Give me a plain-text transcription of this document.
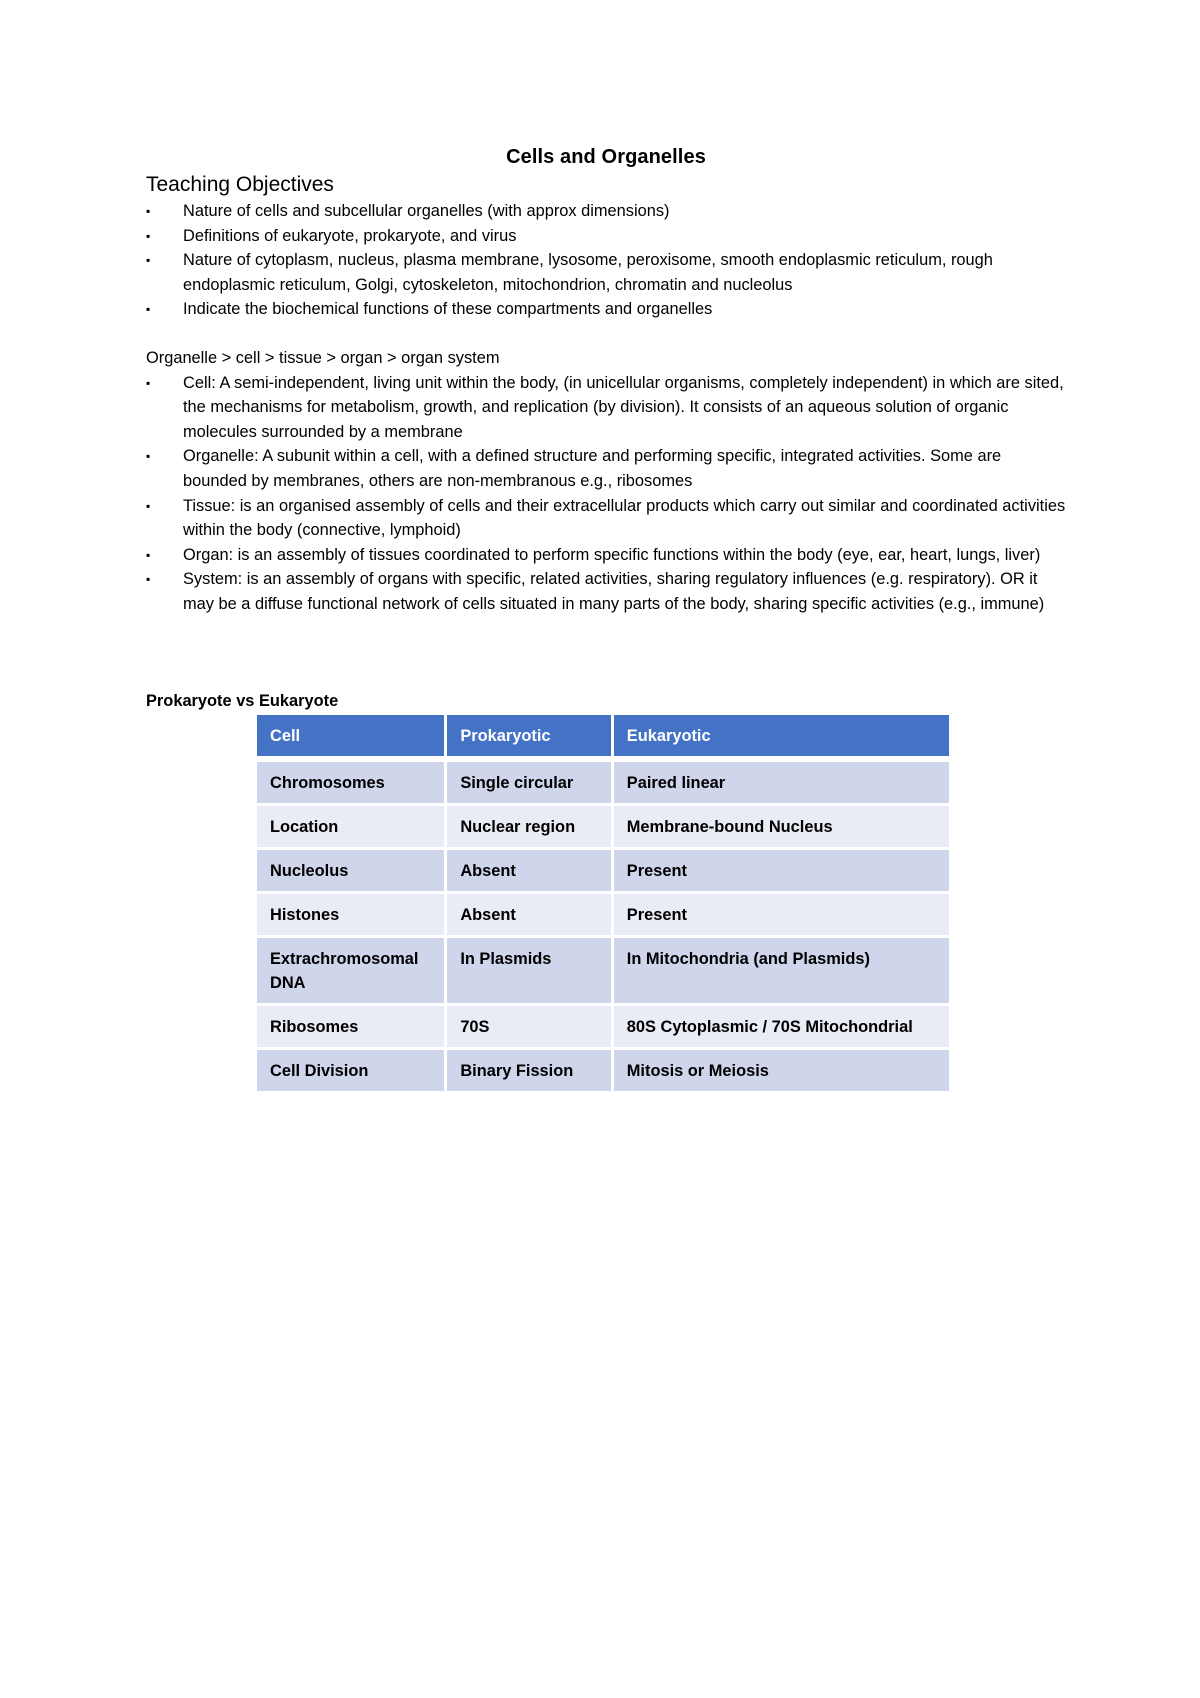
Cells and Organelles
Teaching Objectives
▪	Nature of cells and subcellular organelles (with approx dimensions)
▪	Definitions of eukaryote, prokaryote, and virus
▪	Nature of cytoplasm, nucleus, plasma membrane, lysosome, peroxisome, smooth endoplasmic reticulum, rough endoplasmic reticulum, Golgi, cytoskeleton, mitochondrion, chromatin and nucleolus
▪	Indicate the biochemical functions of these compartments and organelles
Organelle > cell > tissue > organ > organ system
▪	Cell: A semi-independent, living unit within the body, (in unicellular organisms, completely independent) in which are sited, the mechanisms for metabolism, growth, and replication (by division). It consists of an aqueous solution of organic molecules surrounded by a membrane
▪	Organelle: A subunit within a cell, with a defined structure and performing specific, integrated activities. Some are bounded by membranes, others are non-membranous e.g., ribosomes
▪	Tissue: is an organised assembly of cells and their extracellular products which carry out similar and coordinated activities within the body (connective, lymphoid)
▪	Organ: is an assembly of tissues coordinated to perform specific functions within the body (eye, ear, heart, lungs, liver)
▪	System: is an assembly of organs with specific, related activities, sharing regulatory influences (e.g. respiratory). OR it may be a diffuse functional network of cells situated in many parts of the body, sharing specific activities (e.g., immune)
Prokaryote vs Eukaryote
Cell	Prokaryotic	Eukaryotic

Chromosomes	Single circular	Paired linear
Location	Nuclear region	Membrane-bound Nucleus
Nucleolus	Absent	Present
Histones	Absent	Present
Extrachromosomal DNA	In Plasmids	In Mitochondria (and Plasmids)
Ribosomes	70S	80S Cytoplasmic / 70S Mitochondrial
Cell Division	Binary Fission	Mitosis or Meiosis
